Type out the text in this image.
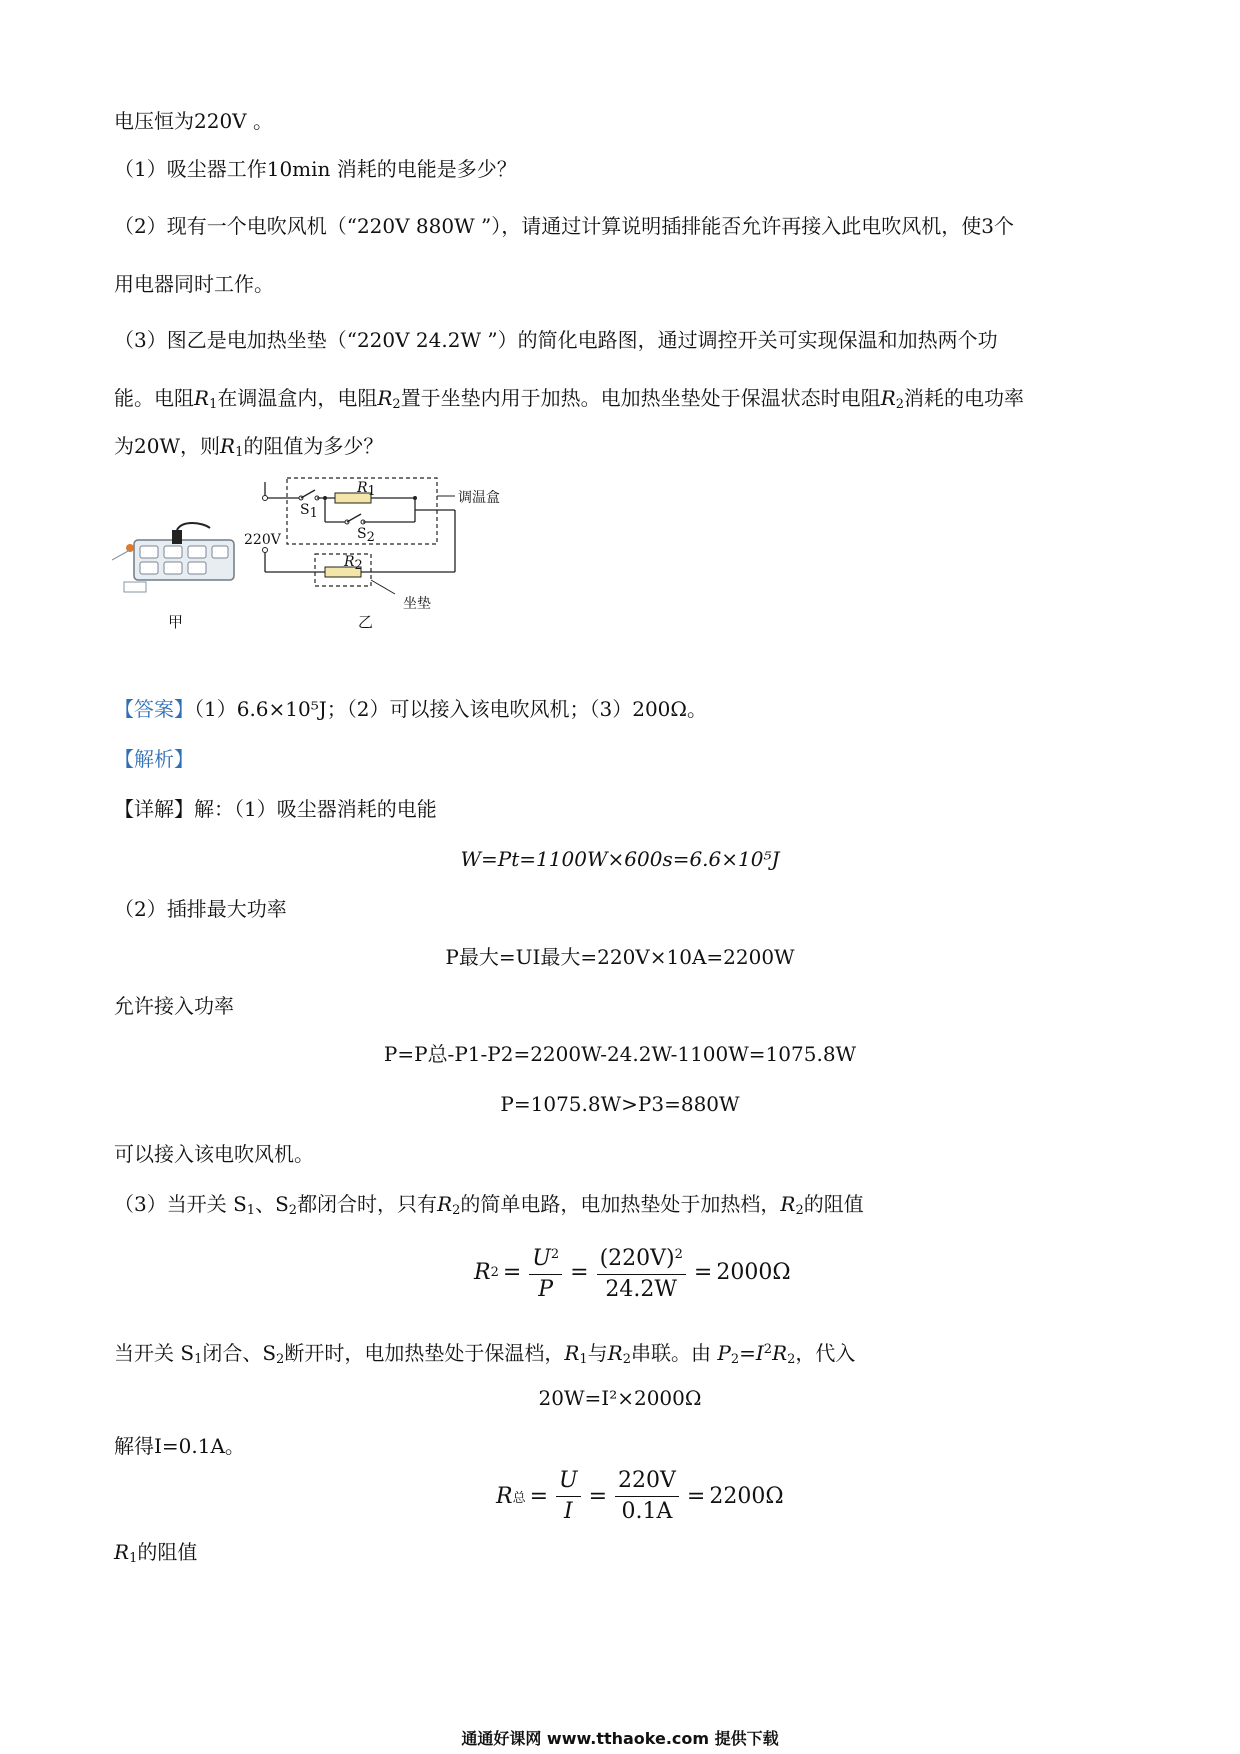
电压恒为220V 。
（1）吸尘器工作10min 消耗的电能是多少？
（2）现有一个电吹风机（“220V 880W ”），请通过计算说明插排能否允许再接入此电吹风机，使3个
用电器同时工作。
（3）图乙是电加热坐垫（“220V 24.2W ”）的简化电路图，通过调控开关可实现保温和加热两个功
能。电阻$R_1$在调温盒内，电阻$R_2$置于坐垫内用于加热。电加热坐垫处于保温状态时电阻$R_2$消耗的电功率
为20W，则$R_1$的阻值为多少？
甲
$R_1$
$S_1$
$S_2$
220V
$R_2$
调温盒
坐垫
乙
【答案】（1）6.6×10⁵J；（2）可以接入该电吹风机；（3）200Ω。
【解析】
【详解】解：（1）吸尘器消耗的电能
W=Pt=1100W×600s=6.6×10⁵J
（2）插排最大功率
P最大=UI最大=220V×10A=2200W
允许接入功率
P=P总-P1-P2=2200W-24.2W-1100W=1075.8W
P=1075.8W>P3=880W
可以接入该电吹风机。
（3）当开关 $S_1$、$S_2$都闭合时，只有$R_2$的简单电路，电加热垫处于加热档，$R_2$的阻值
R $2 = \frac{U^2}{P} = \frac{(220V)^2}{24.2W} = 2000\Omega$
当开关 $S_1$闭合、$S_2$断开时，电加热垫处于保温档，$R_1$与$R_2$串联。由 $P_2=I^2R_2$，代入
20W=I²×2000Ω
解得I=0.1A。
R 总 = $\frac{U}{I} = \frac{220V}{0.1A} = 2200\Omega$
$R_1$的阻值
通通好课网 www.tthaoke.com 提供下载
